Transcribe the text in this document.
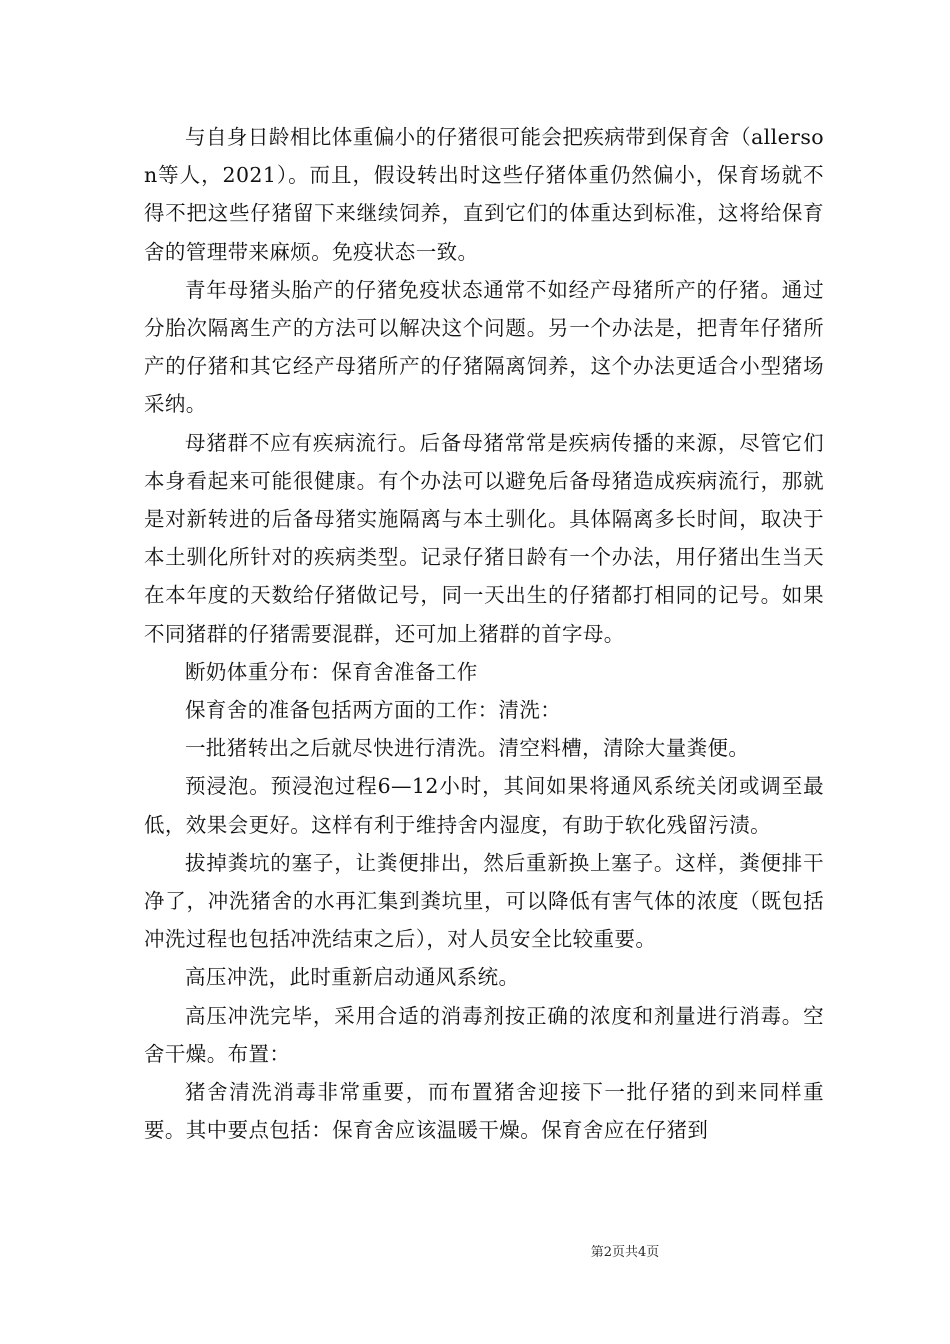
与自身日龄相比体重偏小的仔猪很可能会把疾病带到保育舍（allerson等人，2021）。而且，假设转出时这些仔猪体重仍然偏小，保育场就不得不把这些仔猪留下来继续饲养，直到它们的体重达到标准，这将给保育舍的管理带来麻烦。免疫状态一致。

青年母猪头胎产的仔猪免疫状态通常不如经产母猪所产的仔猪。通过分胎次隔离生产的方法可以解决这个问题。另一个办法是，把青年仔猪所产的仔猪和其它经产母猪所产的仔猪隔离饲养，这个办法更适合小型猪场采纳。

母猪群不应有疾病流行。后备母猪常常是疾病传播的来源，尽管它们本身看起来可能很健康。有个办法可以避免后备母猪造成疾病流行，那就是对新转进的后备母猪实施隔离与本土驯化。具体隔离多长时间，取决于本土驯化所针对的疾病类型。记录仔猪日龄有一个办法，用仔猪出生当天在本年度的天数给仔猪做记号，同一天出生的仔猪都打相同的记号。如果不同猪群的仔猪需要混群，还可加上猪群的首字母。

断奶体重分布：保育舍准备工作

保育舍的准备包括两方面的工作：清洗：

一批猪转出之后就尽快进行清洗。清空料槽，清除大量粪便。

预浸泡。预浸泡过程6—12小时，其间如果将通风系统关闭或调至最低，效果会更好。这样有利于维持舍内湿度，有助于软化残留污渍。

拔掉粪坑的塞子，让粪便排出，然后重新换上塞子。这样，粪便排干净了，冲洗猪舍的水再汇集到粪坑里，可以降低有害气体的浓度（既包括冲洗过程也包括冲洗结束之后），对人员安全比较重要。

高压冲洗，此时重新启动通风系统。

高压冲洗完毕，采用合适的消毒剂按正确的浓度和剂量进行消毒。空舍干燥。布置：

猪舍清洗消毒非常重要，而布置猪舍迎接下一批仔猪的到来同样重要。其中要点包括：保育舍应该温暖干燥。保育舍应在仔猪到

第2页共4页
